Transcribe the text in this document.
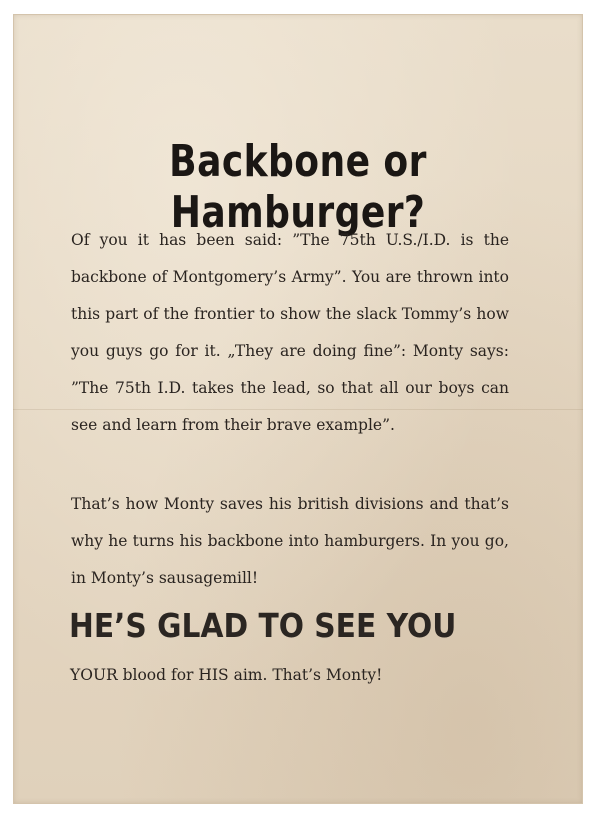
Backbone or Hamburger?

Of you it has been said: ”The 75th U.S./I.D. is the backbone of Montgomery’s Army”. You are thrown into this part of the frontier to show the slack Tommy’s how you guys go for it. „They are doing fine”: Monty says: ”The 75th I.D. takes the lead, so that all our boys can see and learn from their brave example”.

That’s how Monty saves his british divisions and that’s why he turns his backbone into hamburgers. In you go, in Monty’s sausagemill!

HE’S GLAD TO SEE YOU
YOUR blood for HIS aim. That’s Monty!
